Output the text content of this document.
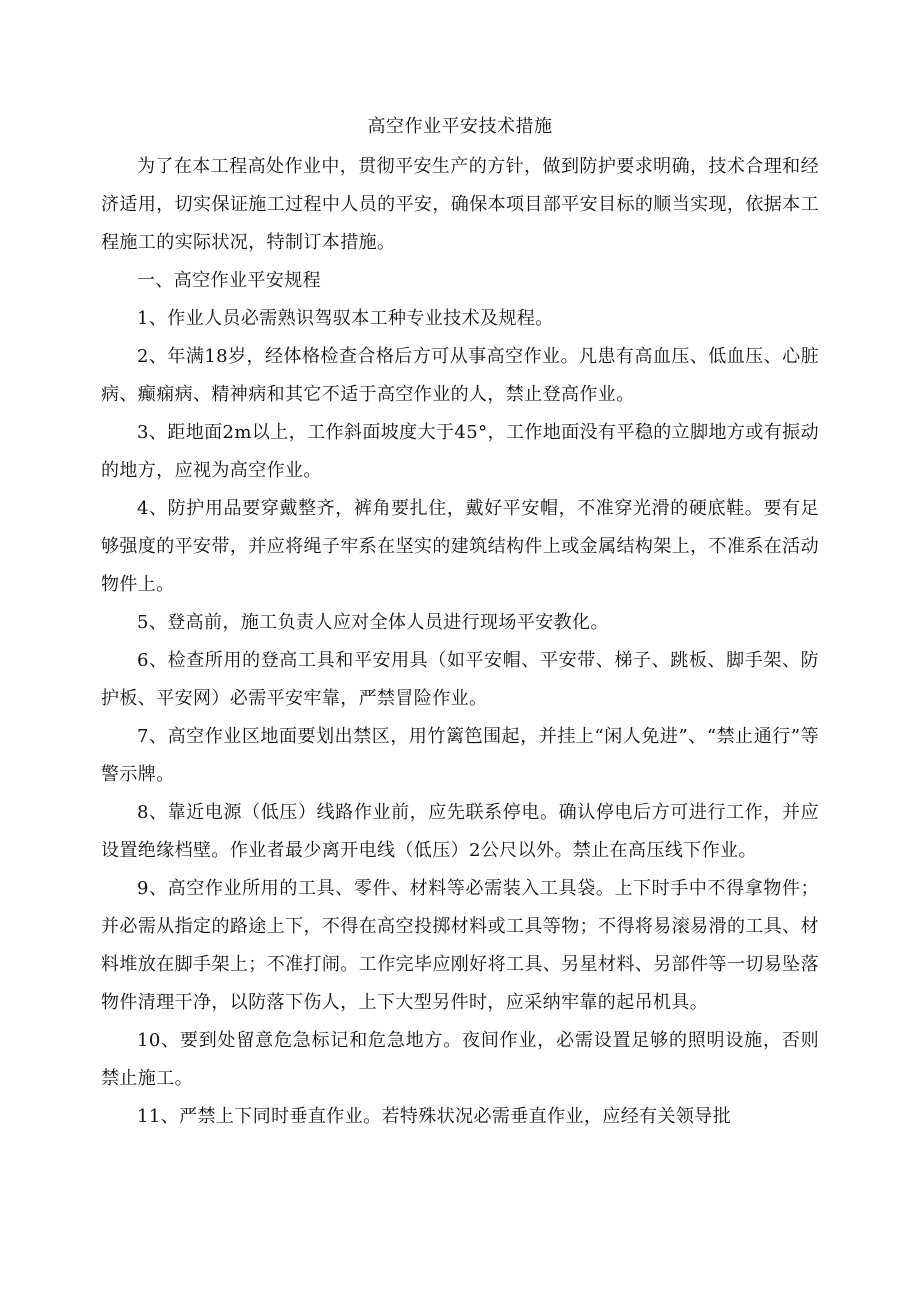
高空作业平安技术措施

为了在本工程高处作业中，贯彻平安生产的方针，做到防护要求明确，技术合理和经济适用，切实保证施工过程中人员的平安，确保本项目部平安目标的顺当实现，依据本工程施工的实际状况，特制订本措施。

一、高空作业平安规程

1、作业人员必需熟识驾驭本工种专业技术及规程。

2、年满18岁，经体格检查合格后方可从事高空作业。凡患有高血压、低血压、心脏病、癫痫病、精神病和其它不适于高空作业的人，禁止登高作业。

3、距地面2m以上，工作斜面坡度大于45°，工作地面没有平稳的立脚地方或有振动的地方，应视为高空作业。

4、防护用品要穿戴整齐，裤角要扎住，戴好平安帽，不准穿光滑的硬底鞋。要有足够强度的平安带，并应将绳子牢系在坚实的建筑结构件上或金属结构架上，不准系在活动物件上。

5、登高前，施工负责人应对全体人员进行现场平安教化。

6、检查所用的登高工具和平安用具（如平安帽、平安带、梯子、跳板、脚手架、防护板、平安网）必需平安牢靠，严禁冒险作业。

7、高空作业区地面要划出禁区，用竹篱笆围起，并挂上“闲人免进”、“禁止通行”等警示牌。

8、靠近电源（低压）线路作业前，应先联系停电。确认停电后方可进行工作，并应设置绝缘档壁。作业者最少离开电线（低压）2公尺以外。禁止在高压线下作业。

9、高空作业所用的工具、零件、材料等必需装入工具袋。上下时手中不得拿物件；并必需从指定的路途上下，不得在高空投掷材料或工具等物；不得将易滚易滑的工具、材料堆放在脚手架上；不准打闹。工作完毕应刚好将工具、另星材料、另部件等一切易坠落物件清理干净，以防落下伤人，上下大型另件时，应采纳牢靠的起吊机具。

10、要到处留意危急标记和危急地方。夜间作业，必需设置足够的照明设施，否则禁止施工。

11、严禁上下同时垂直作业。若特殊状况必需垂直作业，应经有关领导批
